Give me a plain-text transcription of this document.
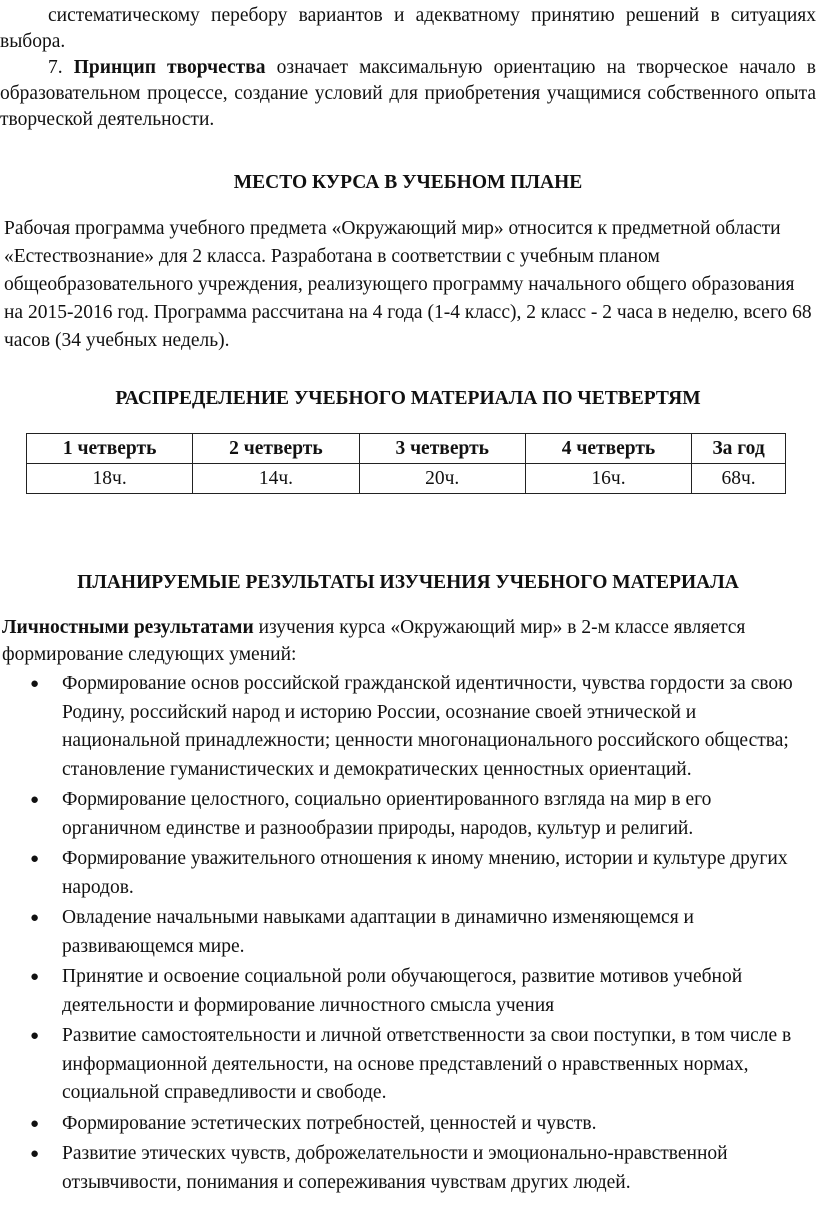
систематическому перебору вариантов и адекватному принятию решений в ситуациях выбора.

7. Принцип творчества означает максимальную ориентацию на творческое начало в образовательном процессе, создание условий для приобретения учащимися собственного опыта творческой деятельности.

МЕСТО КУРСА В УЧЕБНОМ ПЛАНЕ

Рабочая программа учебного предмета «Окружающий мир» относится к предметной области «Естествознание» для 2 класса. Разработана в соответствии с учебным планом общеобразовательного учреждения, реализующего программу начального общего образования на 2015-2016 год. Программа рассчитана на 4 года (1-4 класс), 2 класс - 2 часа в неделю, всего 68 часов (34 учебных недель).

РАСПРЕДЕЛЕНИЕ УЧЕБНОГО МАТЕРИАЛА ПО ЧЕТВЕРТЯМ
1 четверть	2 четверть	3 четверть	4 четверть	За год
18ч.	14ч.	20ч.	16ч.	68ч.
ПЛАНИРУЕМЫЕ РЕЗУЛЬТАТЫ ИЗУЧЕНИЯ УЧЕБНОГО МАТЕРИАЛА

Личностными результатами изучения курса «Окружающий мир» в 2-м классе является формирование следующих умений:

● Формирование основ российской гражданской идентичности, чувства гордости за свою Родину, российский народ и историю России, осознание своей этнической и национальной принадлежности; ценности многонационального российского общества; становление гуманистических и демократических ценностных ориентаций.
● Формирование целостного, социально ориентированного взгляда на мир в его органичном единстве и разнообразии природы, народов, культур и религий.
● Формирование уважительного отношения к иному мнению, истории и культуре других народов.
● Овладение начальными навыками адаптации в динамично изменяющемся и развивающемся мире.
● Принятие и освоение социальной роли обучающегося, развитие мотивов учебной деятельности и формирование личностного смысла учения
● Развитие самостоятельности и личной ответственности за свои поступки, в том числе в информационной деятельности, на основе представлений о нравственных нормах, социальной справедливости и свободе.
● Формирование эстетических потребностей, ценностей и чувств.
● Развитие этических чувств, доброжелательности и эмоционально-нравственной отзывчивости, понимания и сопереживания чувствам других людей.
